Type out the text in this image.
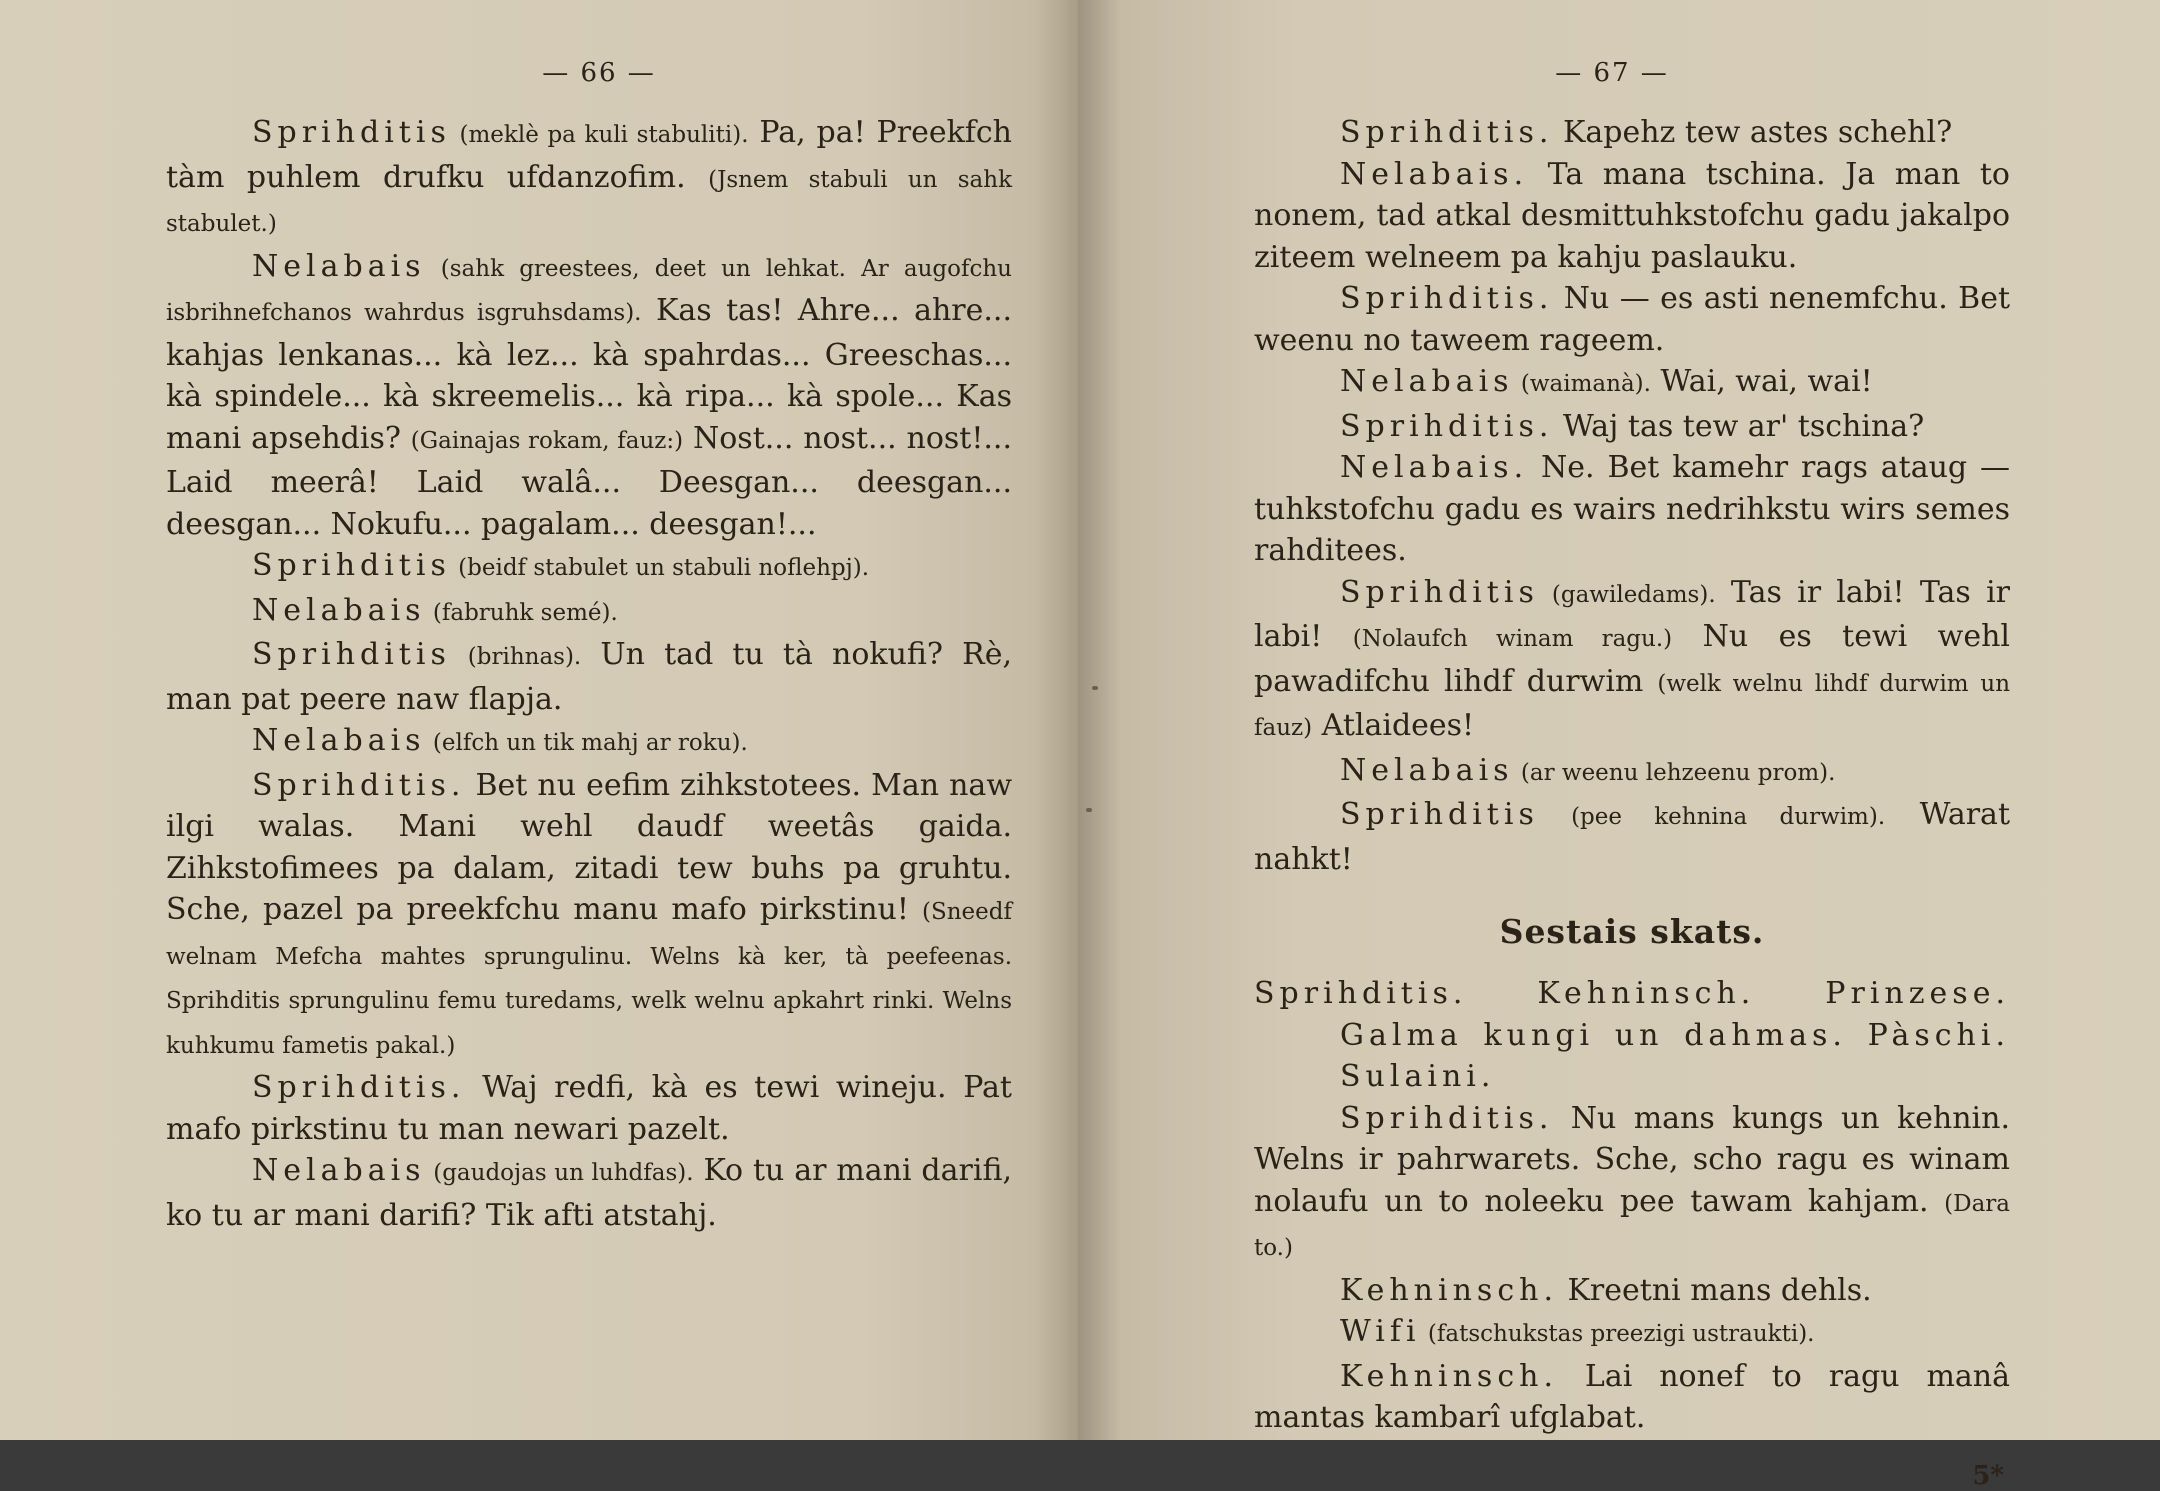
— 66 —

Sprihditis (meklè pa kuli stabuliti). Pa, pa! Preekfch tàm puhlem drufku ufdanzofim. (Jsnem stabuli un sahk stabulet.)

Nelabais (sahk greestees, deet un lehkat. Ar augofchu isbrihnefchanos wahrdus isgruhsdams). Kas tas! Ahre... ahre... kahjas lenkanas... kà lez... kà spahrdas... Greeschas... kà spindele... kà skreemelis... kà ripa... kà spole... Kas mani apsehdis? (Gainajas rokam, fauz:) Nost... nost... nost!... Laid meerâ! Laid walâ... Deesgan... deesgan... deesgan... Nokufu... pagalam... deesgan!...

Sprihditis (beidf stabulet un stabuli noflehpj).

Nelabais (fabruhk semé).

Sprihditis (brihnas). Un tad tu tà nokufi? Rè, man pat peere naw flapja.

Nelabais (elfch un tik mahj ar roku).

Sprihditis. Bet nu eefim zihkstotees. Man naw ilgi walas. Mani wehl daudf weetâs gaida. Zihkstofimees pa dalam, zitadi tew buhs pa gruhtu. Sche, pazel pa preekfchu manu mafo pirkstinu! (Sneedf welnam Mefcha mahtes sprungulinu. Welns kà ker, tà peefeenas. Sprihditis sprungulinu femu turedams, welk welnu apkahrt rinki. Welns kuhkumu fametis pakal.)

Sprihditis. Waj redfi, kà es tewi wineju. Pat mafo pirkstinu tu man newari pazelt.

Nelabais (gaudojas un luhdfas). Ko tu ar mani darifi, ko tu ar mani darifi? Tik afti atstahj.

— 67 —

Sprihditis. Kapehz tew astes schehl?

Nelabais. Ta mana tschina. Ja man to nonem, tad atkal desmittuhkstofchu gadu jakalpo ziteem welneem pa kahju paslauku.

Sprihditis. Nu — es asti nenemfchu. Bet weenu no taweem rageem.

Nelabais (waimanà). Wai, wai, wai!

Sprihditis. Waj tas tew ar' tschina?

Nelabais. Ne. Bet kamehr rags ataug — tuhkstofchu gadu es wairs nedrihkstu wirs semes rahditees.

Sprihditis (gawiledams). Tas ir labi! Tas ir labi! (Nolaufch winam ragu.) Nu es tewi wehl pawadifchu lihdf durwim (welk welnu lihdf durwim un fauz) Atlaidees!

Nelabais (ar weenu lehzeenu prom).

Sprihditis (pee kehnina durwim). Warat nahkt!

Sestais skats.

Sprihditis. Kehninsch. Prinzese. Galma kungi un dahmas. Pàschi. Sulaini.

Sprihditis. Nu mans kungs un kehnin. Welns ir pahrwarets. Sche, scho ragu es winam nolaufu un to noleeku pee tawam kahjam. (Dara to.)

Kehninsch. Kreetni mans dehls.

Wifi (fatschukstas preezigi ustraukti).

Kehninsch. Lai nonef to ragu manâ mantas kambarî ufglabat.

5*
